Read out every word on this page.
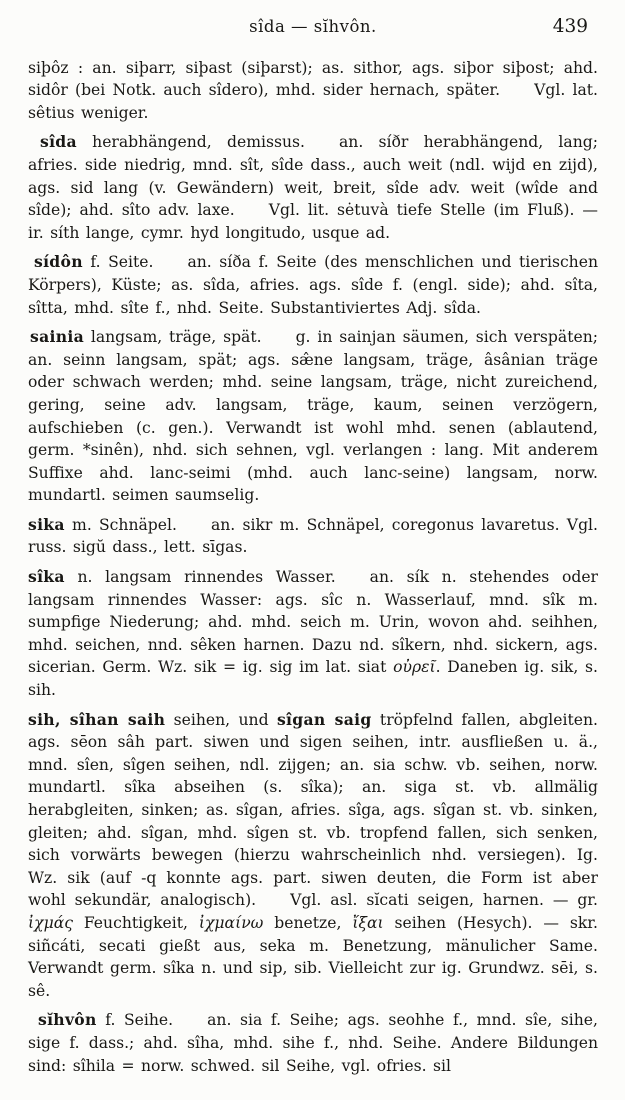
sîda — sĭhvôn.	439

siþôz : an. siþarr, siþast (siþarst); as. sithor, ags. siþor siþost; ahd. sidôr (bei Notk. auch sîdero), mhd. sider hernach, später. Vgl. lat. sêtius weniger.

sîda herabhängend, demissus. an. síðr herabhängend, lang; afries. side niedrig, mnd. sît, sîde dass., auch weit (ndl. wijd en zijd), ags. sid lang (v. Gewändern) weit, breit, sîde adv. weit (wîde and sîde); ahd. sîto adv. laxe. Vgl. lit. sėtuvà tiefe Stelle (im Fluß). — ir. síth lange, cymr. hyd longitudo, usque ad.

sídôn f. Seite. an. síða f. Seite (des menschlichen und tierischen Körpers), Küste; as. sîda, afries. ags. sîde f. (engl. side); ahd. sîta, sîtta, mhd. sîte f., nhd. Seite. Substantiviertes Adj. sîda.

sainia langsam, träge, spät. g. in sainjan säumen, sich verspäten; an. seinn langsam, spät; ags. sæ̂ne langsam, träge, âsânian träge oder schwach werden; mhd. seine langsam, träge, nicht zureichend, gering, seine adv. langsam, träge, kaum, seinen verzögern, aufschieben (c. gen.). Verwandt ist wohl mhd. senen (ablautend, germ. *sinên), nhd. sich sehnen, vgl. verlangen : lang. Mit anderem Suffixe ahd. lanc-seimi (mhd. auch lanc-seine) langsam, norw. mundartl. seimen saumselig.

sika m. Schnäpel. an. sikr m. Schnäpel, coregonus lavaretus. Vgl. russ. sigŭ dass., lett. sīgas.

sîka n. langsam rinnendes Wasser. an. sík n. stehendes oder langsam rinnendes Wasser: ags. sîc n. Wasserlauf, mnd. sîk m. sumpfige Niederung; ahd. mhd. seich m. Urin, wovon ahd. seihhen, mhd. seichen, nnd. sêken harnen. Dazu nd. sîkern, nhd. sickern, ags. sicerian. Germ. Wz. sik = ig. sig im lat. siat οὐρεῖ. Daneben ig. sik, s. sih.

sih, sîhan saih seihen, und sîgan saig tröpfelnd fallen, abgleiten. ags. sēon sâh part. siwen und sigen seihen, intr. ausfließen u. ä., mnd. sîen, sîgen seihen, ndl. zijgen; an. sia schw. vb. seihen, norw. mundartl. sîka abseihen (s. sîka); an. siga st. vb. allmälig herabgleiten, sinken; as. sîgan, afries. sîga, ags. sîgan st. vb. sinken, gleiten; ahd. sîgan, mhd. sîgen st. vb. tropfend fallen, sich senken, sich vorwärts bewegen (hierzu wahrscheinlich nhd. versiegen). Ig. Wz. sik (auf -q konnte ags. part. siwen deuten, die Form ist aber wohl sekundär, analogisch). Vgl. asl. sĭcati seigen, harnen. — gr. ἰχμάς Feuchtigkeit, ἰχμαίνω benetze, ἴξαι seihen (Hesych). — skr. siñcáti, secati gießt aus, seka m. Benetzung, mänulicher Same. Verwandt germ. sîka n. und sip, sib. Vielleicht zur ig. Grundwz. sēi, s. sê.

sĭhvôn f. Seihe. an. sia f. Seihe; ags. seohhe f., mnd. sîe, sihe, sige f. dass.; ahd. sîha, mhd. sihe f., nhd. Seihe. Andere Bildungen sind: sîhila = norw. schwed. sil Seihe, vgl. ofries. sil
